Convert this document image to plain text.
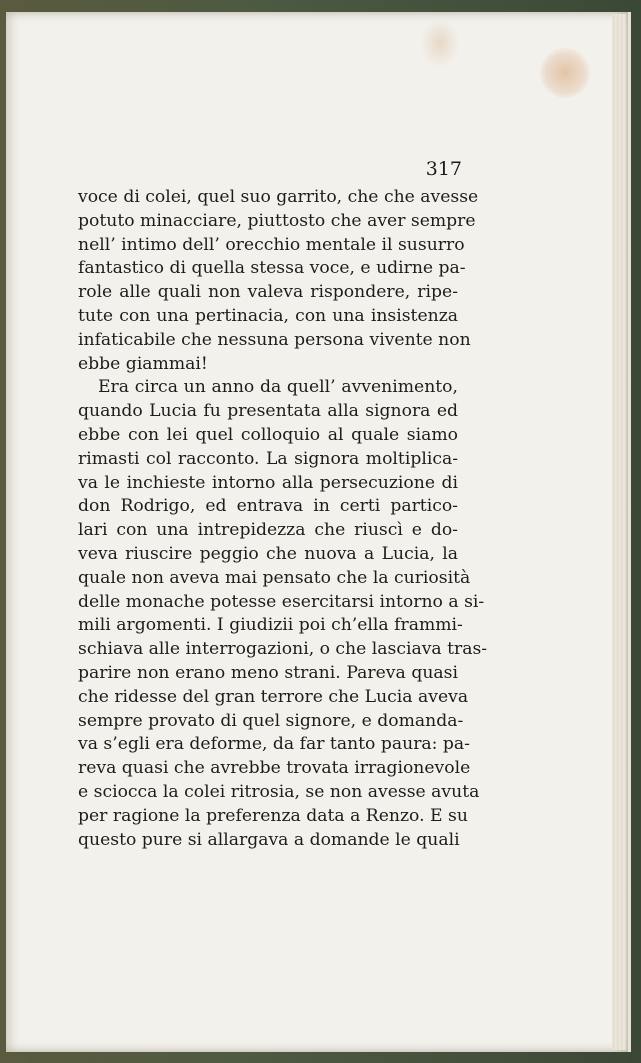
317
voce di colei, quel suo garrito, che che avesse
potuto minacciare, piuttosto che aver sempre
nell’ intimo dell’ orecchio mentale il susurro
fantastico di quella stessa voce, e udirne pa-
role alle quali non valeva rispondere, ripe-
tute con una pertinacia, con una insistenza
infaticabile che nessuna persona vivente non
ebbe giammai!
Era circa un anno da quell’ avvenimento,
quando Lucia fu presentata alla signora ed
ebbe con lei quel colloquio al quale siamo
rimasti col racconto. La signora moltiplica-
va le inchieste intorno alla persecuzione di
don Rodrigo, ed entrava in certi partico-
lari con una intrepidezza che riuscì e do-
veva riuscire peggio che nuova a Lucia, la
quale non aveva mai pensato che la curiosità
delle monache potesse esercitarsi intorno a si-
mili argomenti. I giudizii poi ch’ella frammi-
schiava alle interrogazioni, o che lasciava tras-
parire non erano meno strani. Pareva quasi
che ridesse del gran terrore che Lucia aveva
sempre provato di quel signore, e domanda-
va s’egli era deforme, da far tanto paura: pa-
reva quasi che avrebbe trovata irragionevole
e sciocca la colei ritrosia, se non avesse avuta
per ragione la preferenza data a Renzo. E su
questo pure si allargava a domande le quali
